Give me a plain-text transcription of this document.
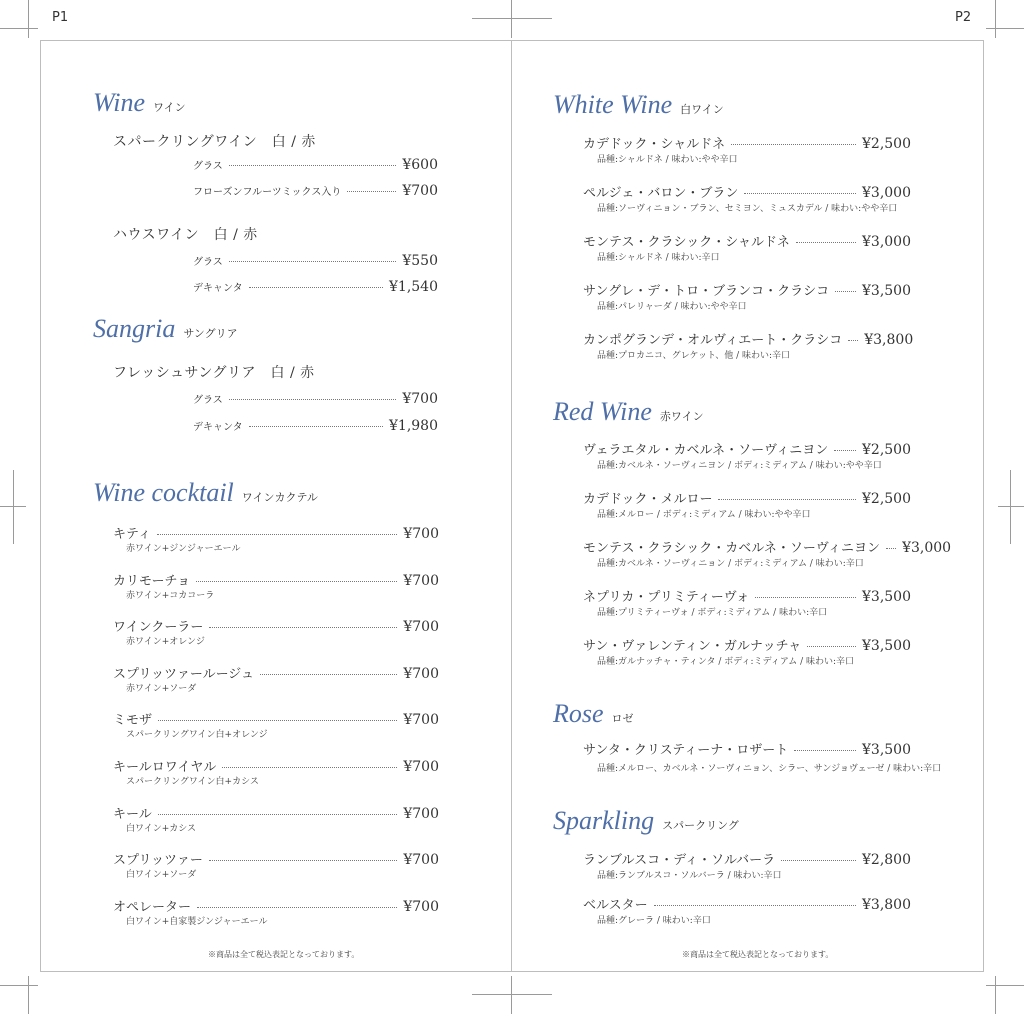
P1	P2
Wine ワイン
スパークリングワイン　白 / 赤
グラス	¥600
フローズンフルーツミックス入り	¥700
ハウスワイン　白 / 赤
グラス	¥550
デキャンタ	¥1,540
Sangria サングリア
フレッシュサングリア　白 / 赤
グラス	¥700
デキャンタ	¥1,980
Wine cocktail ワインカクテル
キティ	¥700
赤ワイン+ジンジャーエール
カリモーチョ	¥700
赤ワイン+コカコーラ
ワインクーラー	¥700
赤ワイン+オレンジ
スプリッツァールージュ	¥700
赤ワイン+ソーダ
ミモザ	¥700
スパークリングワイン白+オレンジ
キールロワイヤル	¥700
スパークリングワイン白+カシス
キール	¥700
白ワイン+カシス
スプリッツァー	¥700
白ワイン+ソーダ
オペレーター	¥700
白ワイン+自家製ジンジャーエール
※商品は全て税込表記となっております。
White Wine 白ワイン
カデドック・シャルドネ	¥2,500
品種:シャルドネ / 味わい:やや辛口
ペルジェ・バロン・ブラン	¥3,000
品種:ソーヴィニョン・ブラン、セミヨン、ミュスカデル / 味わい:やや辛口
モンテス・クラシック・シャルドネ	¥3,000
品種:シャルドネ / 味わい:辛口
サングレ・デ・トロ・ブランコ・クラシコ ¥3,500
品種:パレリャーダ / 味わい:やや辛口
カンポグランデ・オルヴィエート・クラシコ ¥3,800
品種:プロカニコ、グレケット、他 / 味わい:辛口
Red Wine 赤ワイン
ヴェラエタル・カベルネ・ソーヴィニヨン ¥2,500
品種:カベルネ・ソーヴィニヨン / ボディ:ミディアム / 味わい:やや辛口
カデドック・メルロー	¥2,500
品種:メルロー / ボディ:ミディアム / 味わい:やや辛口
モンテス・クラシック・カベルネ・ソーヴィニヨン ¥3,000
品種:カベルネ・ソーヴィニョン / ボディ:ミディアム / 味わい:辛口
ネプリカ・プリミティーヴォ	¥3,500
品種:プリミティーヴォ / ボディ:ミディアム / 味わい:辛口
サン・ヴァレンティン・ガルナッチャ	¥3,500
品種:ガルナッチャ・ティンタ / ボディ:ミディアム / 味わい:辛口
Rose ロゼ
サンタ・クリスティーナ・ロザート	¥3,500
品種:メルロー、カベルネ・ソーヴィニョン、シラー、サンジョヴェーゼ / 味わい:辛口
Sparkling スパークリング
ランブルスコ・ディ・ソルバーラ	¥2,800
品種:ランブルスコ・ソルバーラ / 味わい:辛口
ベルスター	¥3,800
品種:グレーラ / 味わい:辛口
※商品は全て税込表記となっております。
